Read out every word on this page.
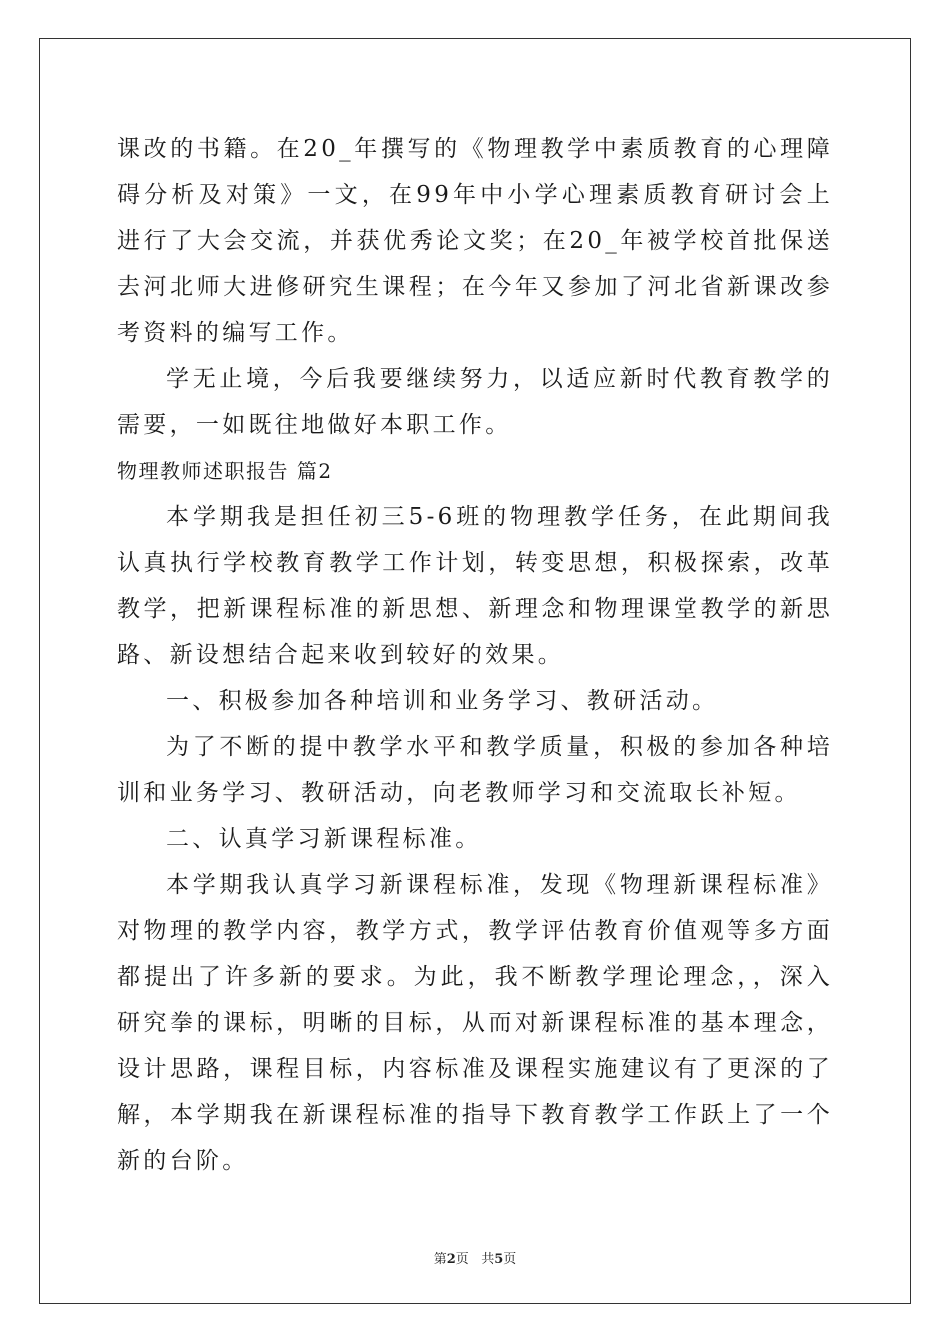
课改的书籍。在20_年撰写的《物理教学中素质教育的心理障碍分析及对策》一文，在99年中小学心理素质教育研讨会上进行了大会交流，并获优秀论文奖；在20_年被学校首批保送去河北师大进修研究生课程；在今年又参加了河北省新课改参考资料的编写工作。

学无止境，今后我要继续努力，以适应新时代教育教学的需要，一如既往地做好本职工作。

物理教师述职报告 篇2

本学期我是担任初三5-6班的物理教学任务，在此期间我认真执行学校教育教学工作计划，转变思想，积极探索，改革教学，把新课程标准的新思想、新理念和物理课堂教学的新思路、新设想结合起来收到较好的效果。

一、积极参加各种培训和业务学习、教研活动。

为了不断的提中教学水平和教学质量，积极的参加各种培训和业务学习、教研活动，向老教师学习和交流取长补短。

二、认真学习新课程标准。

本学期我认真学习新课程标准，发现《物理新课程标准》对物理的教学内容，教学方式，教学评估教育价值观等多方面都提出了许多新的要求。为此，我不断教学理论理念，，深入研究拳的课标，明晰的目标，从而对新课程标准的基本理念，设计思路，课程目标，内容标准及课程实施建议有了更深的了解，本学期我在新课程标准的指导下教育教学工作跃上了一个新的台阶。

第2页 共5页
